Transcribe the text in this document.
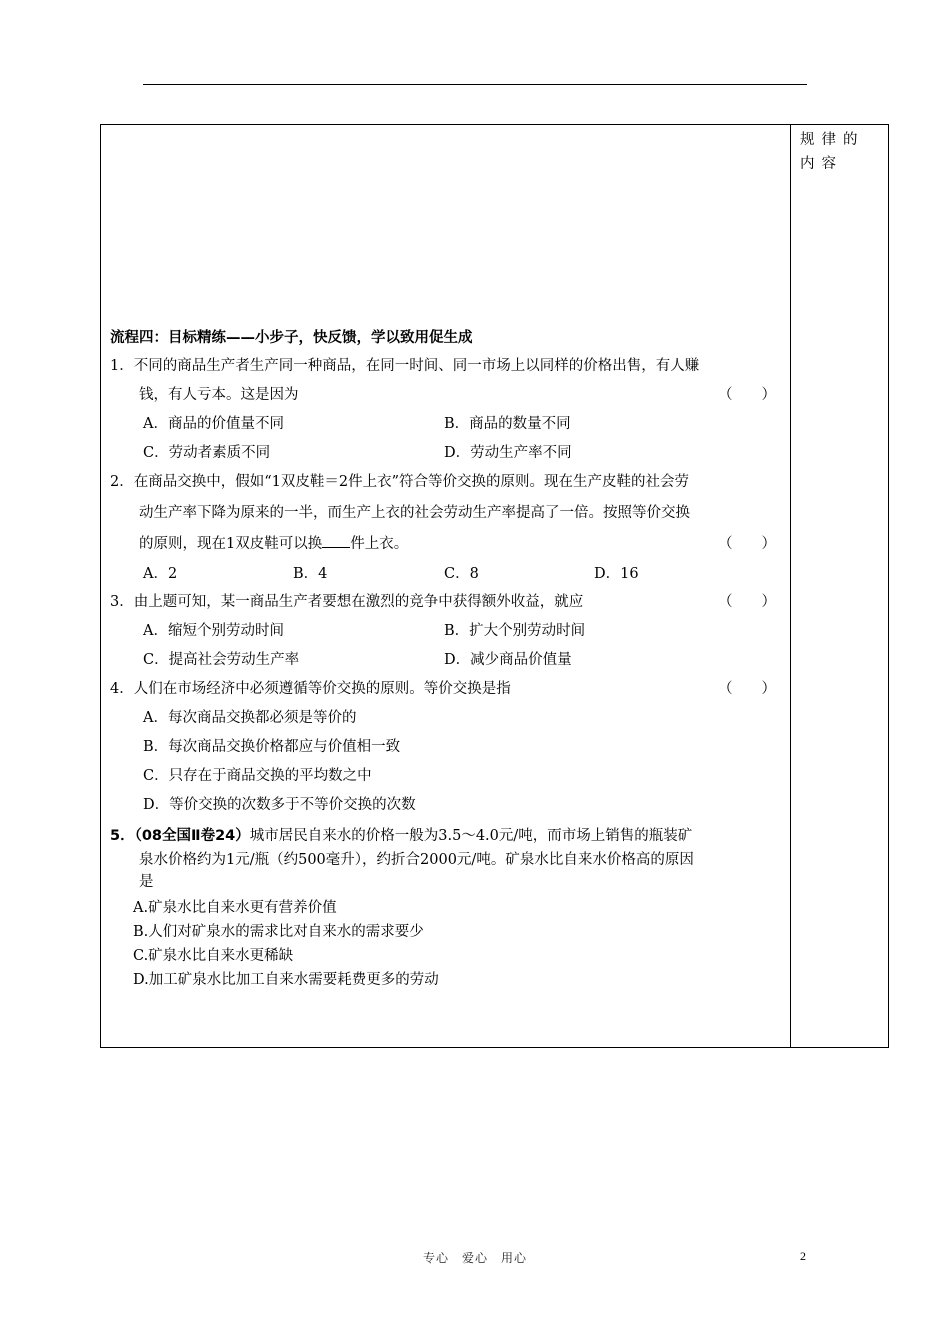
规律的内容
流程四：目标精练——小步子，快反馈，学以致用促生成
1．不同的商品生产者生产同一种商品，在同一时间、同一市场上以同样的价格出售，有人赚
钱，有人亏本。这是因为	（　　）
A．商品的价值量不同	B．商品的数量不同
C．劳动者素质不同	D．劳动生产率不同
2．在商品交换中，假如“1双皮鞋＝2件上衣”符合等价交换的原则。现在生产皮鞋的社会劳
动生产率下降为原来的一半，而生产上衣的社会劳动生产率提高了一倍。按照等价交换
的原则，现在1双皮鞋可以换 件上衣。	（　　）
A．2	B．4	C．8	D．16
3．由上题可知，某一商品生产者要想在激烈的竞争中获得额外收益，就应	（　　）
A．缩短个别劳动时间	B．扩大个别劳动时间
C．提高社会劳动生产率	D．减少商品价值量
4．人们在市场经济中必须遵循等价交换的原则。等价交换是指	（　　）
A．每次商品交换都必须是等价的
B．每次商品交换价格都应与价值相一致
C．只存在于商品交换的平均数之中
D．等价交换的次数多于不等价交换的次数
5．（08全国Ⅱ卷24）城市居民自来水的价格一般为3.5～4.0元/吨，而市场上销售的瓶装矿
泉水价格约为1元/瓶（约500毫升），约折合2000元/吨。矿泉水比自来水价格高的原因
是
A.矿泉水比自来水更有营养价值
B.人们对矿泉水的需求比对自来水的需求要少
C.矿泉水比自来水更稀缺
D.加工矿泉水比加工自来水需要耗费更多的劳动
专心　爱心　用心	2
